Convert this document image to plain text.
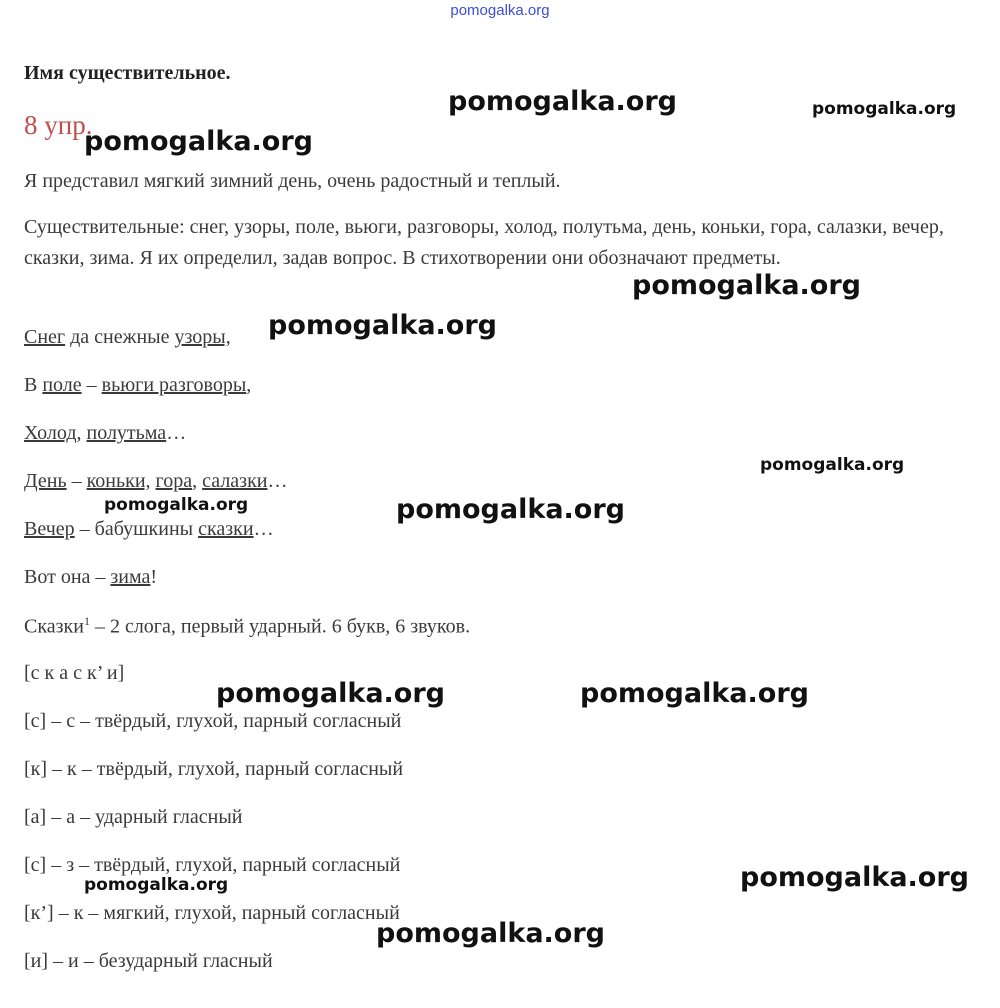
pomogalka.org
Имя существительное.
8 упр.
Я представил мягкий зимний день, очень радостный и теплый.
Существительные: снег, узоры, поле, вьюги, разговоры, холод, полутьма, день, коньки, гора, салазки, вечер, сказки, зима. Я их определил, задав вопрос. В стихотворении они обозначают предметы.
Снег да снежные узоры,
В поле – вьюги разговоры,
Холод, полутьма…
День – коньки, гора, салазки…
Вечер – бабушкины сказки…
Вот она – зима!
Сказки$^1$ – 2 слога, первый ударный. 6 букв, 6 звуков.
[с к а с к’ и]
[с] – с – твёрдый, глухой, парный согласный
[к] – к – твёрдый, глухой, парный согласный
[а] – а – ударный гласный
[с] – з – твёрдый, глухой, парный согласный
[к’] – к – мягкий, глухой, парный согласный
[и] – и – безударный гласный
pomogalka.org	pomogalka.org
pomogalka.org
pomogalka.org
pomogalka.org
pomogalka.org
pomogalka.org	pomogalka.org
pomogalka.org	pomogalka.org
pomogalka.org
pomogalka.org
pomogalka.org
